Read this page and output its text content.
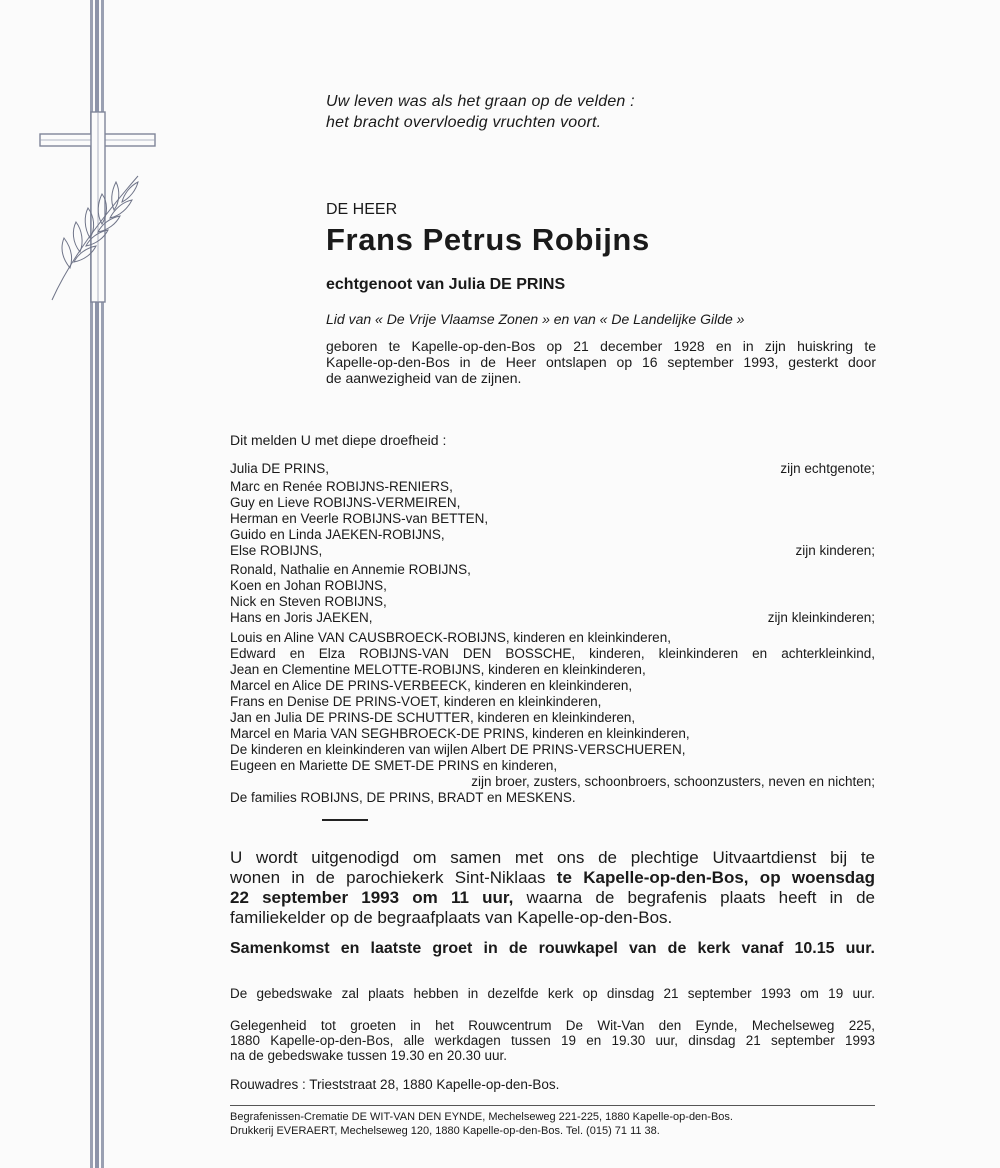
Uw leven was als het graan op de velden :
het bracht overvloedig vruchten voort.
DE HEER
Frans Petrus Robijns
echtgenoot van Julia DE PRINS
Lid van « De Vrije Vlaamse Zonen » en van « De Landelijke Gilde »
geboren te Kapelle-op-den-Bos op 21 december 1928 en in zijn huiskring te
Kapelle-op-den-Bos in de Heer ontslapen op 16 september 1993, gesterkt door
de aanwezigheid van de zijnen.
Dit melden U met diepe droefheid :
Julia DE PRINS,	zijn echtgenote;
Marc en Renée ROBIJNS-RENIERS,
Guy en Lieve ROBIJNS-VERMEIREN,
Herman en Veerle ROBIJNS-van BETTEN,
Guido en Linda JAEKEN-ROBIJNS,
Else ROBIJNS,	zijn kinderen;
Ronald, Nathalie en Annemie ROBIJNS,
Koen en Johan ROBIJNS,
Nick en Steven ROBIJNS,
Hans en Joris JAEKEN,	zijn kleinkinderen;
Louis en Aline VAN CAUSBROECK-ROBIJNS, kinderen en kleinkinderen,
Edward en Elza ROBIJNS-VAN DEN BOSSCHE, kinderen, kleinkinderen en achterkleinkind,
Jean en Clementine MELOTTE-ROBIJNS, kinderen en kleinkinderen,
Marcel en Alice DE PRINS-VERBEECK, kinderen en kleinkinderen,
Frans en Denise DE PRINS-VOET, kinderen en kleinkinderen,
Jan en Julia DE PRINS-DE SCHUTTER, kinderen en kleinkinderen,
Marcel en Maria VAN SEGHBROECK-DE PRINS, kinderen en kleinkinderen,
De kinderen en kleinkinderen van wijlen Albert DE PRINS-VERSCHUEREN,
Eugeen en Mariette DE SMET-DE PRINS en kinderen,
zijn broer, zusters, schoonbroers, schoonzusters, neven en nichten;
De families ROBIJNS, DE PRINS, BRADT en MESKENS.
U wordt uitgenodigd om samen met ons de plechtige Uitvaartdienst bij te
wonen in de parochiekerk Sint-Niklaas te Kapelle-op-den-Bos, op woensdag
22 september 1993 om 11 uur, waarna de begrafenis plaats heeft in de
familiekelder op de begraafplaats van Kapelle-op-den-Bos.
Samenkomst en laatste groet in de rouwkapel van de kerk vanaf 10.15 uur.
De gebedswake zal plaats hebben in dezelfde kerk op dinsdag 21 september 1993 om 19 uur.
Gelegenheid tot groeten in het Rouwcentrum De Wit-Van den Eynde, Mechelseweg 225,
1880 Kapelle-op-den-Bos, alle werkdagen tussen 19 en 19.30 uur, dinsdag 21 september 1993
na de gebedswake tussen 19.30 en 20.30 uur.
Rouwadres : Trieststraat 28, 1880 Kapelle-op-den-Bos.
Begrafenissen-Crematie DE WIT-VAN DEN EYNDE, Mechelseweg 221-225, 1880 Kapelle-op-den-Bos.
Drukkerij EVERAERT, Mechelseweg 120, 1880 Kapelle-op-den-Bos. Tel. (015) 71 11 38.
